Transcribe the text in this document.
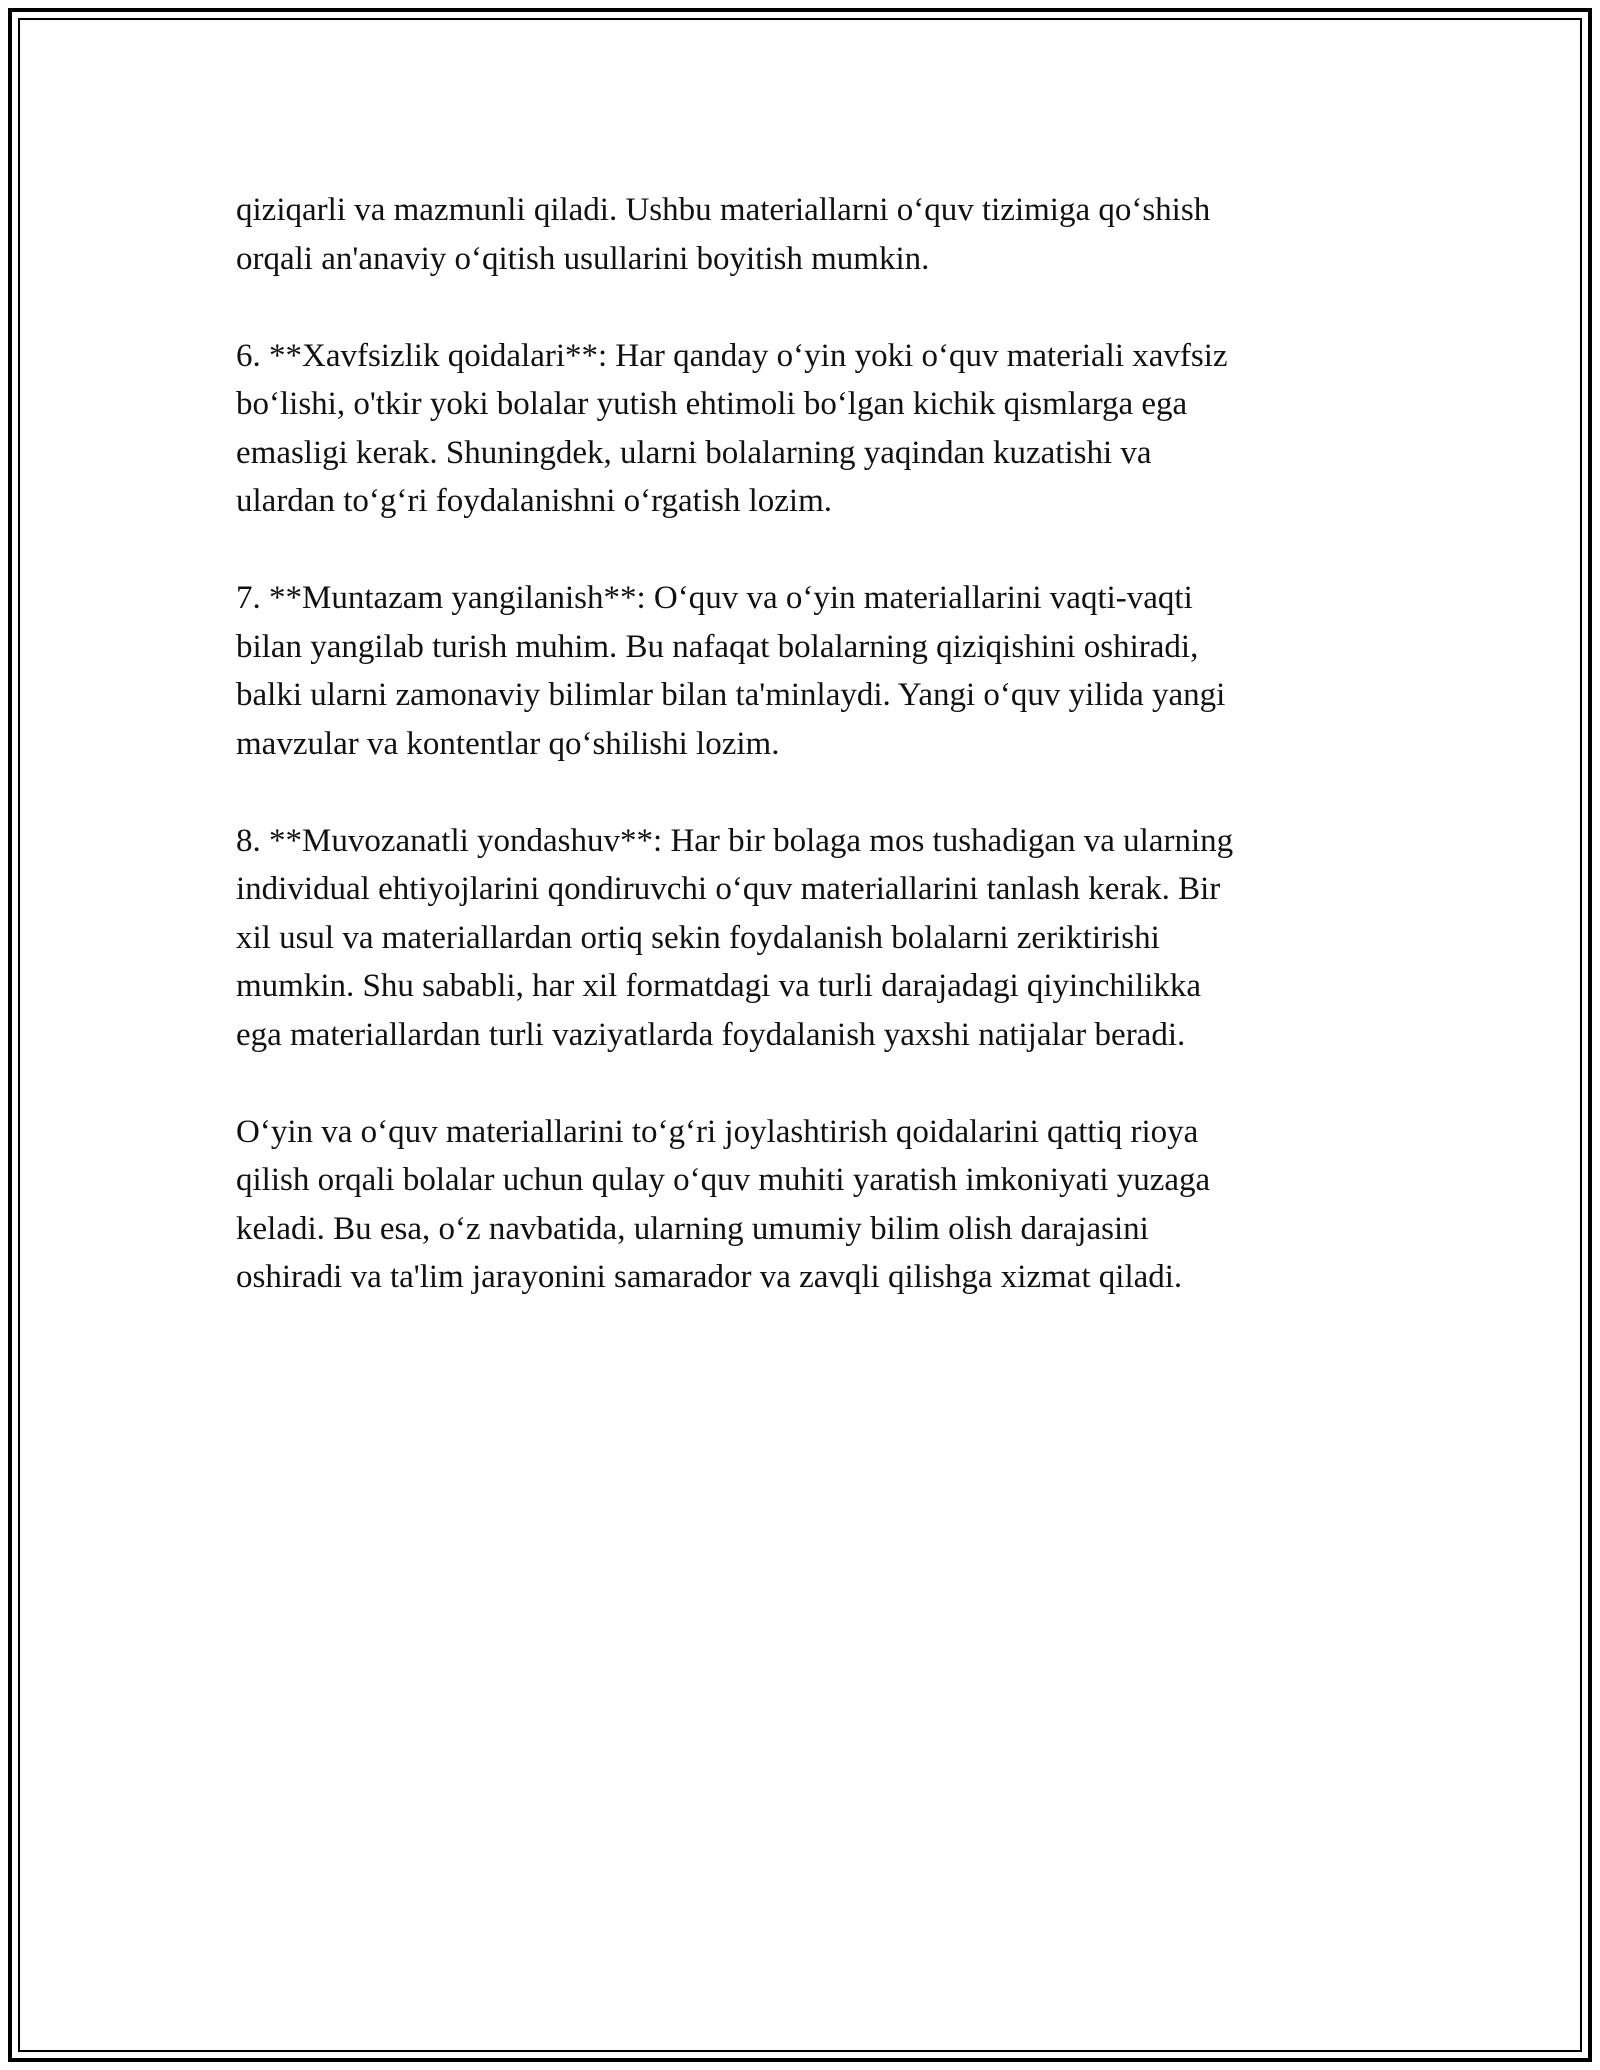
qiziqarli va mazmunli qiladi. Ushbu materiallarni o‘quv tizimiga qo‘shish
orqali an'anaviy o‘qitish usullarini boyitish mumkin.

6. **Xavfsizlik qoidalari**: Har qanday o‘yin yoki o‘quv materiali xavfsiz
bo‘lishi, o'tkir yoki bolalar yutish ehtimoli bo‘lgan kichik qismlarga ega
emasligi kerak. Shuningdek, ularni bolalarning yaqindan kuzatishi va
ulardan to‘g‘ri foydalanishni o‘rgatish lozim.

7. **Muntazam yangilanish**: O‘quv va o‘yin materiallarini vaqti-vaqti
bilan yangilab turish muhim. Bu nafaqat bolalarning qiziqishini oshiradi,
balki ularni zamonaviy bilimlar bilan ta'minlaydi. Yangi o‘quv yilida yangi
mavzular va kontentlar qo‘shilishi lozim.

8. **Muvozanatli yondashuv**: Har bir bolaga mos tushadigan va ularning
individual ehtiyojlarini qondiruvchi o‘quv materiallarini tanlash kerak. Bir
xil usul va materiallardan ortiq sekin foydalanish bolalarni zeriktirishi
mumkin. Shu sababli, har xil formatdagi va turli darajadagi qiyinchilikka
ega materiallardan turli vaziyatlarda foydalanish yaxshi natijalar beradi.

O‘yin va o‘quv materiallarini to‘g‘ri joylashtirish qoidalarini qattiq rioya
qilish orqali bolalar uchun qulay o‘quv muhiti yaratish imkoniyati yuzaga
keladi. Bu esa, o‘z navbatida, ularning umumiy bilim olish darajasini
oshiradi va ta'lim jarayonini samarador va zavqli qilishga xizmat qiladi.
